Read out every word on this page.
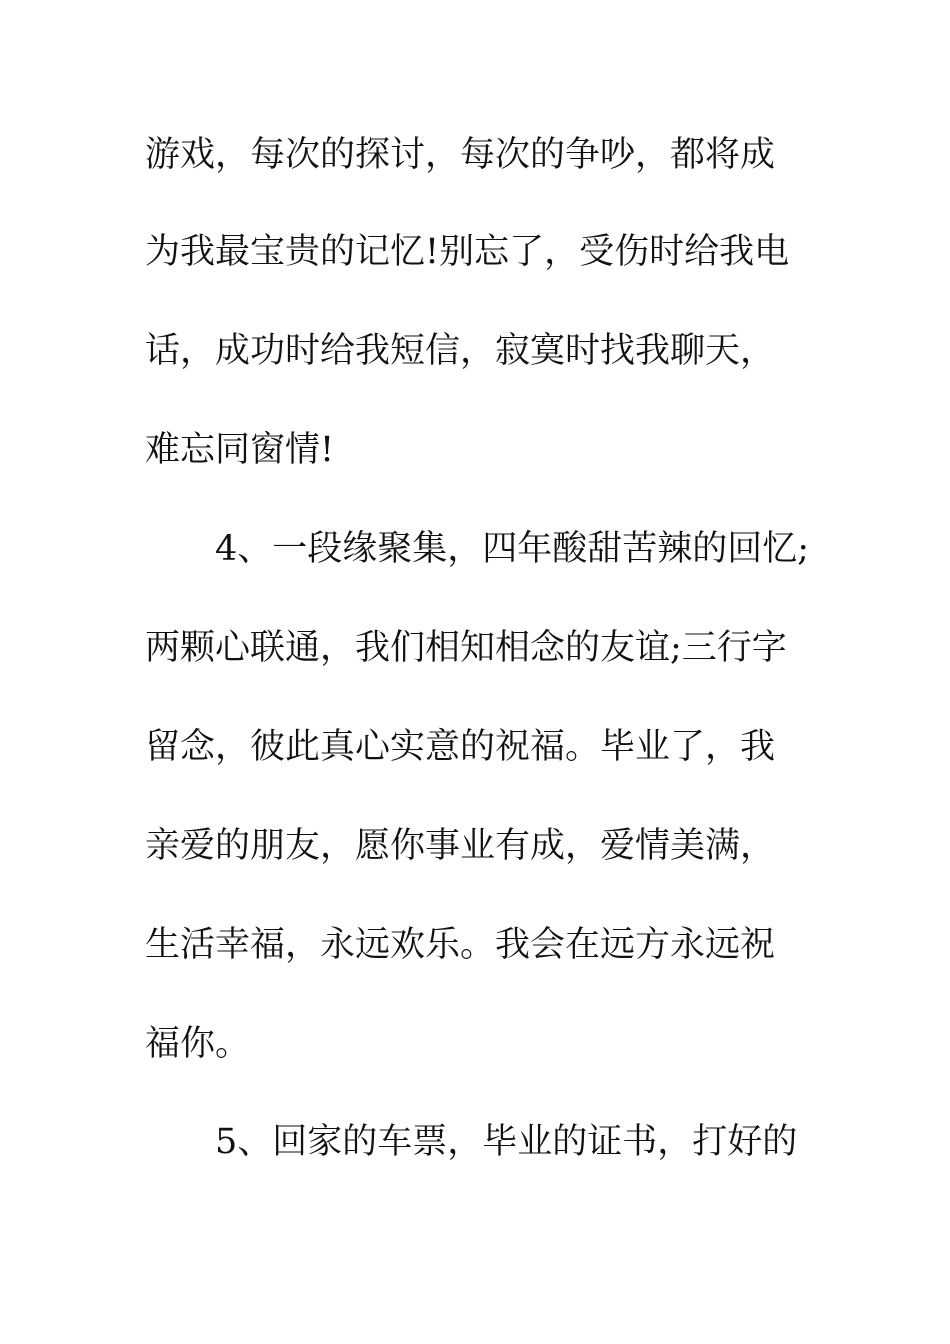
游戏，每次的探讨，每次的争吵，都将成
为我最宝贵的记忆!别忘了，受伤时给我电
话，成功时给我短信，寂寞时找我聊天，
难忘同窗情!
4、一段缘聚集，四年酸甜苦辣的回忆;
两颗心联通，我们相知相念的友谊;三行字
留念，彼此真心实意的祝福。毕业了，我
亲爱的朋友，愿你事业有成，爱情美满，
生活幸福，永远欢乐。我会在远方永远祝
福你。
5、回家的车票，毕业的证书，打好的
